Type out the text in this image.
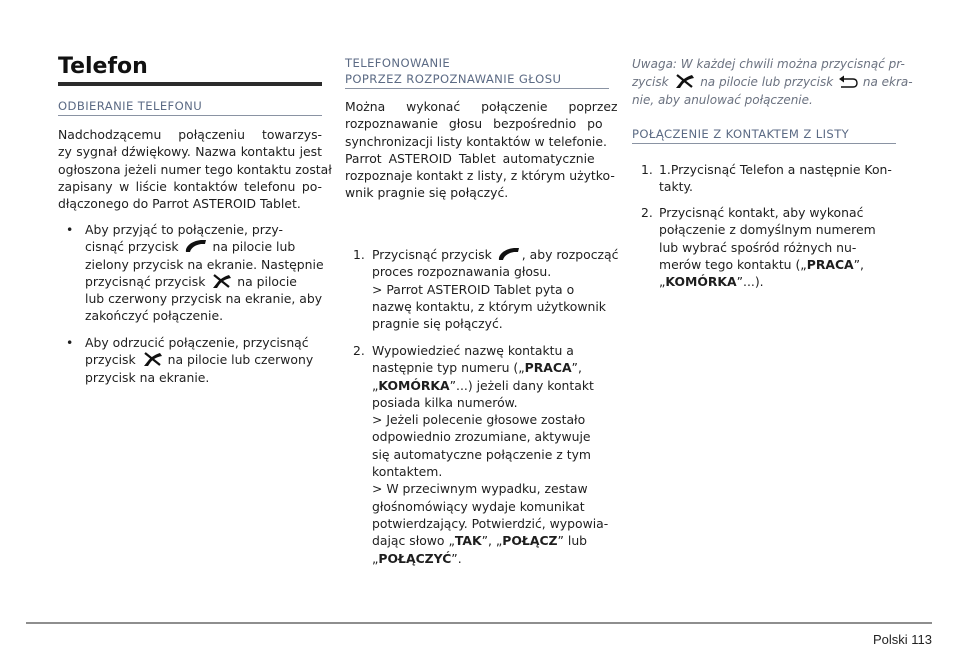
Telefon
ODBIERANIE TELEFONU
Nadchodzącemu połączeniu towarzys-
zy sygnał dźwiękowy. Nazwa kontaktu jest
ogłoszona jeżeli numer tego kontaktu został
zapisany w liście kontaktów telefonu po-
dłączonego do Parrot ASTEROID Tablet.
• Aby przyjąć to połączenie, przy-
cisnąć przycisk	na pilocie lub
zielony przycisk na ekranie. Następnie
przycisnąć przycisk	na pilocie
lub czerwony przycisk na ekranie, aby
zakończyć połączenie.
• Aby odrzucić połączenie, przycisnąć
przycisk	na pilocie lub czerwony
przycisk na ekranie.
TELEFONOWANIE
POPRZEZ ROZPOZNAWANIE GŁOSU
Można wykonać połączenie poprzez
rozpoznawanie głosu bezpośrednio po
synchronizacji listy kontaktów w telefonie.
Parrot ASTEROID Tablet automatycznie
rozpoznaje kontakt z listy, z którym użytko-
wnik pragnie się połączyć.
1. Przycisnąć przycisk , aby rozpocząć
proces rozpoznawania głosu.
> Parrot ASTEROID Tablet pyta o
nazwę kontaktu, z którym użytkownik
pragnie się połączyć.
2. Wypowiedzieć nazwę kontaktu a
następnie typ numeru („PRACA”,
„KOMÓRKA”...) jeżeli dany kontakt
posiada kilka numerów.
> Jeżeli polecenie głosowe zostało
odpowiednio zrozumiane, aktywuje
się automatyczne połączenie z tym
kontaktem.
> W przeciwnym wypadku, zestaw
głośnomówiący wydaje komunikat
potwierdzający. Potwierdzić, wypowia-
dając słowo „TAK”, „POŁĄCZ” lub
„POŁĄCZYĆ”.
Uwaga: W każdej chwili można przycisnąć pr-
zycisk	na pilocie lub przycisk na ekra-
nie, aby anulować połączenie.
POŁĄCZENIE Z KONTAKTEM Z LISTY
1. 1.Przycisnąć Telefon a następnie Kon-
takty.
2. Przycisnąć kontakt, aby wykonać
połączenie z domyślnym numerem
lub wybrać spośród różnych nu-
merów tego kontaktu („PRACA”,
„KOMÓRKA”...).
Polski 113
